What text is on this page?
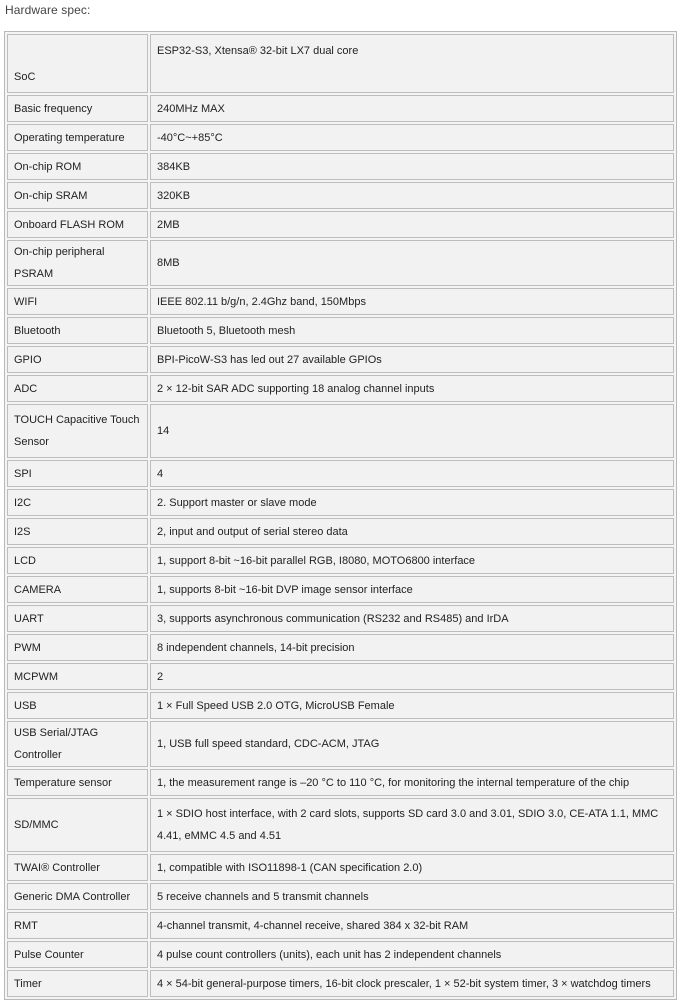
Hardware spec:
SoC	ESP32-S3, Xtensa® 32-bit LX7 dual core
Basic frequency	240MHz MAX
Operating temperature	-40°C~+85°C
On-chip ROM	384KB
On-chip SRAM	320KB
Onboard FLASH ROM	2MB
On-chip peripheral PSRAM	8MB
WIFI	IEEE 802.11 b/g/n, 2.4Ghz band, 150Mbps
Bluetooth	Bluetooth 5, Bluetooth mesh
GPIO	BPI-PicoW-S3 has led out 27 available GPIOs
ADC	2 × 12-bit SAR ADC supporting 18 analog channel inputs
TOUCH Capacitive Touch Sensor	14
SPI	4
I2C	2. Support master or slave mode
I2S	2, input and output of serial stereo data
LCD	1, support 8-bit ~16-bit parallel RGB, I8080, MOTO6800 interface
CAMERA	1, supports 8-bit ~16-bit DVP image sensor interface
UART	3, supports asynchronous communication (RS232 and RS485) and IrDA
PWM	8 independent channels, 14-bit precision
MCPWM	2
USB	1 × Full Speed USB 2.0 OTG, MicroUSB Female
USB Serial/JTAG Controller	1, USB full speed standard, CDC-ACM, JTAG
Temperature sensor	1, the measurement range is –20 °C to 110 °C, for monitoring the internal temperature of the chip
SD/MMC	1 × SDIO host interface, with 2 card slots, supports SD card 3.0 and 3.01, SDIO 3.0, CE-ATA 1.1, MMC 4.41, eMMC 4.5 and 4.51
TWAI® Controller	1, compatible with ISO11898-1 (CAN specification 2.0)
Generic DMA Controller	5 receive channels and 5 transmit channels
RMT	4-channel transmit, 4-channel receive, shared 384 x 32-bit RAM
Pulse Counter	4 pulse count controllers (units), each unit has 2 independent channels
Timer	4 × 54-bit general-purpose timers, 16-bit clock prescaler, 1 × 52-bit system timer, 3 × watchdog timers
